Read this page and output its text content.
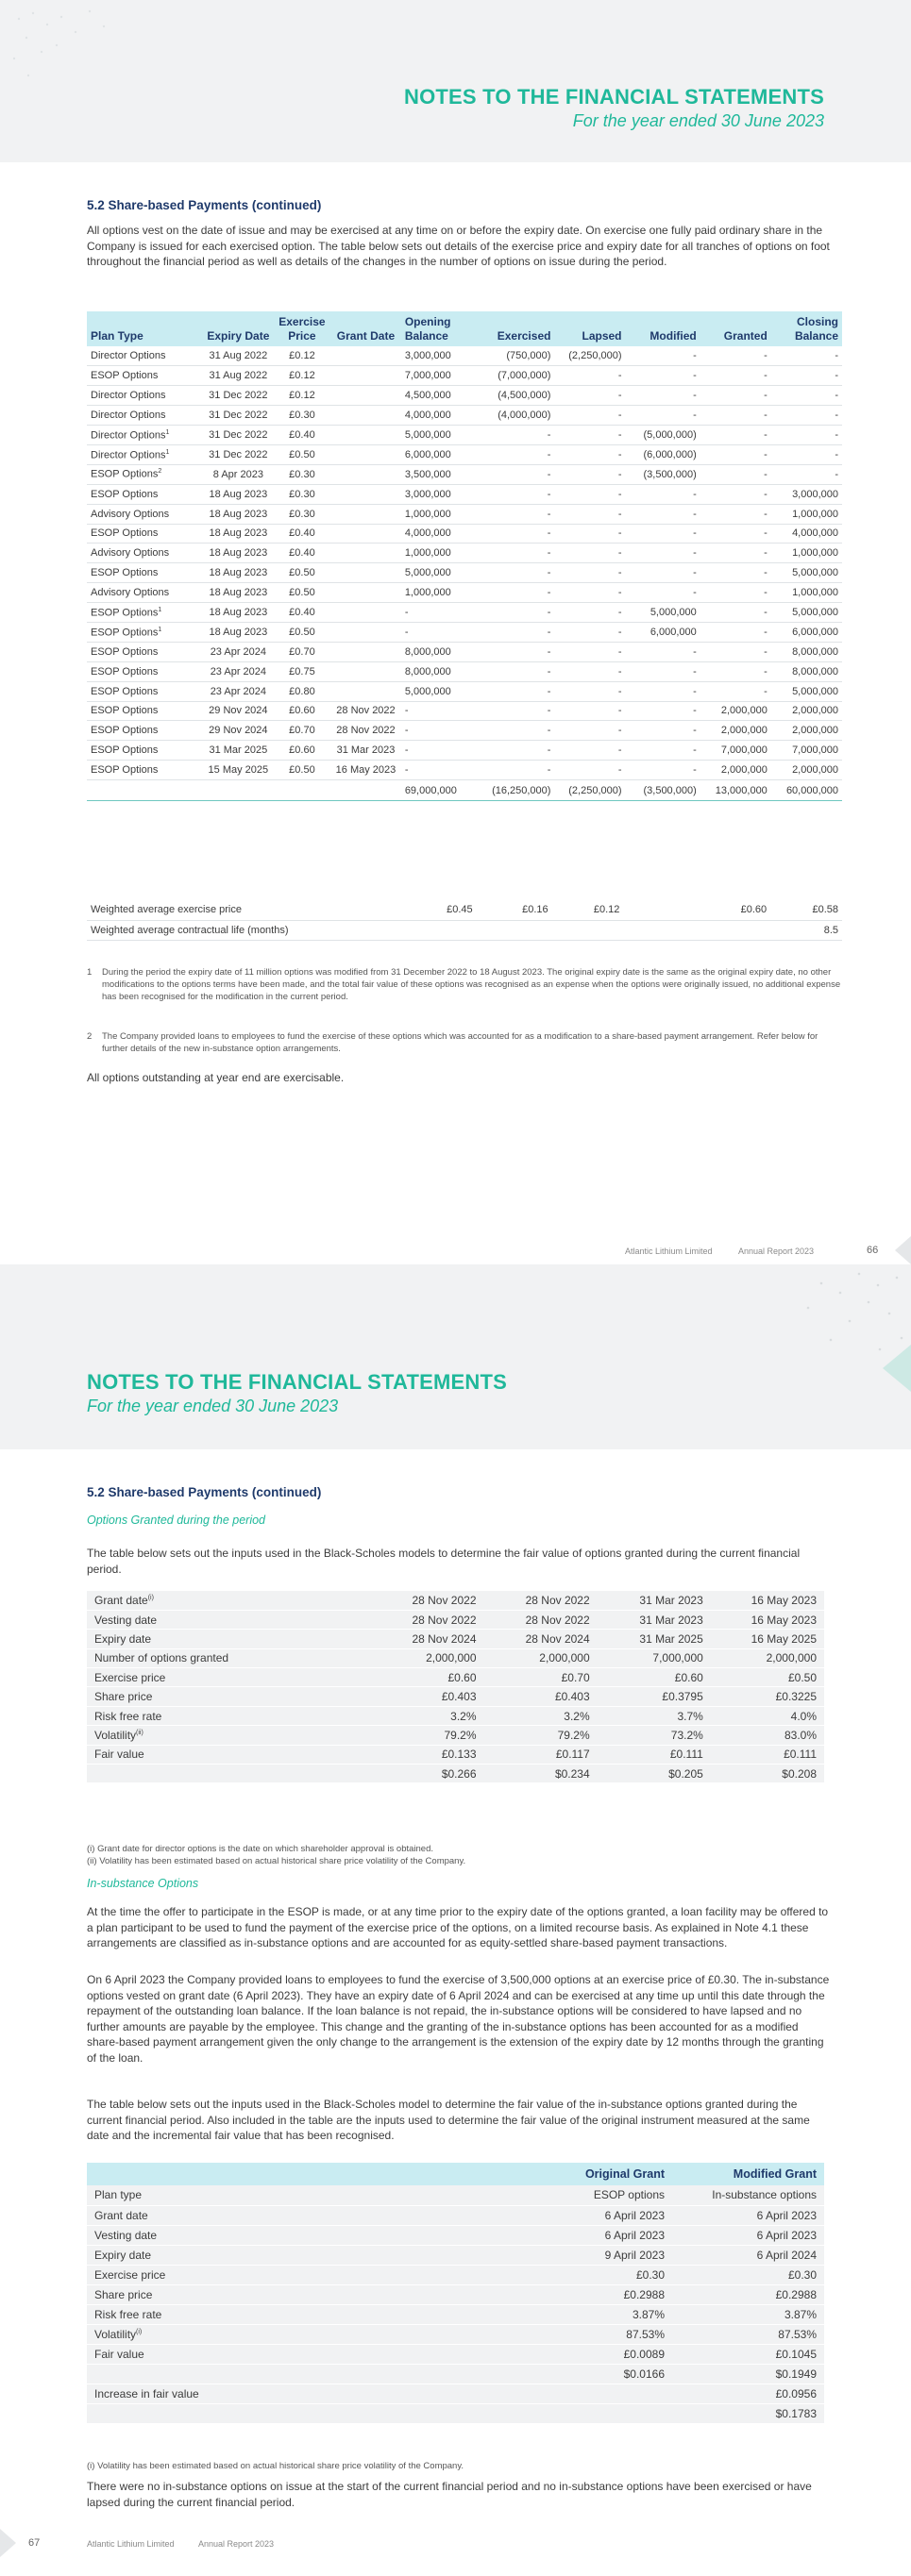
NOTES TO THE FINANCIAL STATEMENTS
For the year ended 30 June 2023
5.2 Share-based Payments (continued)
All options vest on the date of issue and may be exercised at any time on or before the expiry date. On exercise one fully paid ordinary share in the Company is issued for each exercised option. The table below sets out details of the exercise price and expiry date for all tranches of options on foot throughout the financial period as well as details of the changes in the number of options on issue during the period.
Plan Type	Expiry Date	Exercise Price	Grant Date	Opening Balance	Exercised	Lapsed	Modified	Granted	Closing Balance
Director Options	31 Aug 2022	£0.12		3,000,000	(750,000)	(2,250,000)	-	-	-
ESOP Options	31 Aug 2022	£0.12		7,000,000	(7,000,000)	-	-	-	-
Director Options	31 Dec 2022	£0.12		4,500,000	(4,500,000)	-	-	-	-
Director Options	31 Dec 2022	£0.30		4,000,000	(4,000,000)	-	-	-	-
Director Options$^1$	31 Dec 2022	£0.40		5,000,000	-	-	(5,000,000)	-	-
Director Options$^1$	31 Dec 2022	£0.50		6,000,000	-	-	(6,000,000)	-	-
ESOP Options$^2$	8 Apr 2023	£0.30		3,500,000	-	-	(3,500,000)	-	-
ESOP Options	18 Aug 2023	£0.30		3,000,000	-	-	-	-	3,000,000
Advisory Options	18 Aug 2023	£0.30		1,000,000	-	-	-	-	1,000,000
ESOP Options	18 Aug 2023	£0.40		4,000,000	-	-	-	-	4,000,000
Advisory Options	18 Aug 2023	£0.40		1,000,000	-	-	-	-	1,000,000
ESOP Options	18 Aug 2023	£0.50		5,000,000	-	-	-	-	5,000,000
Advisory Options	18 Aug 2023	£0.50		1,000,000	-	-	-	-	1,000,000
ESOP Options$^1$	18 Aug 2023	£0.40		-	-	-	5,000,000	-	5,000,000
ESOP Options$^1$	18 Aug 2023	£0.50		-	-	-	6,000,000	-	6,000,000
ESOP Options	23 Apr 2024	£0.70		8,000,000	-	-	-	-	8,000,000
ESOP Options	23 Apr 2024	£0.75		8,000,000	-	-	-	-	8,000,000
ESOP Options	23 Apr 2024	£0.80		5,000,000	-	-	-	-	5,000,000
ESOP Options	29 Nov 2024	£0.60	28 Nov 2022	-	-	-	-	2,000,000	2,000,000
ESOP Options	29 Nov 2024	£0.70	28 Nov 2022	-	-	-	-	2,000,000	2,000,000
ESOP Options	31 Mar 2025	£0.60	31 Mar 2023	-	-	-	-	7,000,000	7,000,000
ESOP Options	15 May 2025	£0.50	16 May 2023	-	-	-	-	2,000,000	2,000,000
				69,000,000	(16,250,000)	(2,250,000)	(3,500,000)	13,000,000	60,000,000
Weighted average exercise price	£0.45	£0.16	£0.12		£0.60	£0.58
Weighted average contractual life (months)						8.5
1	During the period the expiry date of 11 million options was modified from 31 December 2022 to 18 August 2023. The original expiry date is the same as the original expiry date, no other modifications to the options terms have been made, and the total fair value of these options was recognised as an expense when the options were originally issued, no additional expense has been recognised for the modification in the current period.
2	The Company provided loans to employees to fund the exercise of these options which was accounted for as a modification to a share-based payment arrangement. Refer below for further details of the new in-substance option arrangements.
All options outstanding at year end are exercisable.
Atlantic Lithium Limited	Annual Report 2023	66
NOTES TO THE FINANCIAL STATEMENTS
For the year ended 30 June 2023
5.2 Share-based Payments (continued)
Options Granted during the period
The table below sets out the inputs used in the Black-Scholes models to determine the fair value of options granted during the current financial period.
Grant date$^{(i)}$	28 Nov 2022	28 Nov 2022	31 Mar 2023	16 May 2023
Vesting date	28 Nov 2022	28 Nov 2022	31 Mar 2023	16 May 2023
Expiry date	28 Nov 2024	28 Nov 2024	31 Mar 2025	16 May 2025
Number of options granted	2,000,000	2,000,000	7,000,000	2,000,000
Exercise price	£0.60	£0.70	£0.60	£0.50
Share price	£0.403	£0.403	£0.3795	£0.3225
Risk free rate	3.2%	3.2%	3.7%	4.0%
Volatility$^{(ii)}$	79.2%	79.2%	73.2%	83.0%
Fair value	£0.133	£0.117	£0.111	£0.111
	$0.266	$0.234	$0.205	$0.208
(i) Grant date for director options is the date on which shareholder approval is obtained.
(ii) Volatility has been estimated based on actual historical share price volatility of the Company.
In-substance Options
At the time the offer to participate in the ESOP is made, or at any time prior to the expiry date of the options granted, a loan facility may be offered to a plan participant to be used to fund the payment of the exercise price of the options, on a limited recourse basis. As explained in Note 4.1 these arrangements are classified as in-substance options and are accounted for as equity-settled share-based payment transactions.
On 6 April 2023 the Company provided loans to employees to fund the exercise of 3,500,000 options at an exercise price of £0.30. The in-substance options vested on grant date (6 April 2023). They have an expiry date of 6 April 2024 and can be exercised at any time up until this date through the repayment of the outstanding loan balance. If the loan balance is not repaid, the in-substance options will be considered to have lapsed and no further amounts are payable by the employee. This change and the granting of the in-substance options has been accounted for as a modified share-based payment arrangement given the only change to the arrangement is the extension of the expiry date by 12 months through the granting of the loan.
The table below sets out the inputs used in the Black-Scholes model to determine the fair value of the in-substance options granted during the current financial period. Also included in the table are the inputs used to determine the fair value of the original instrument measured at the same date and the incremental fair value that has been recognised.
	Original Grant	Modified Grant
Plan type	ESOP options	In-substance options
Grant date	6 April 2023	6 April 2023
Vesting date	6 April 2023	6 April 2023
Expiry date	9 April 2023	6 April 2024
Exercise price	£0.30	£0.30
Share price	£0.2988	£0.2988
Risk free rate	3.87%	3.87%
Volatility$^{(i)}$	87.53%	87.53%
Fair value	£0.0089	£0.1045
	$0.0166	$0.1949
Increase in fair value		£0.0956
		$0.1783
(i) Volatility has been estimated based on actual historical share price volatility of the Company.
There were no in-substance options on issue at the start of the current financial period and no in-substance options have been exercised or have lapsed during the current financial period.
67	Atlantic Lithium Limited	Annual Report 2023
